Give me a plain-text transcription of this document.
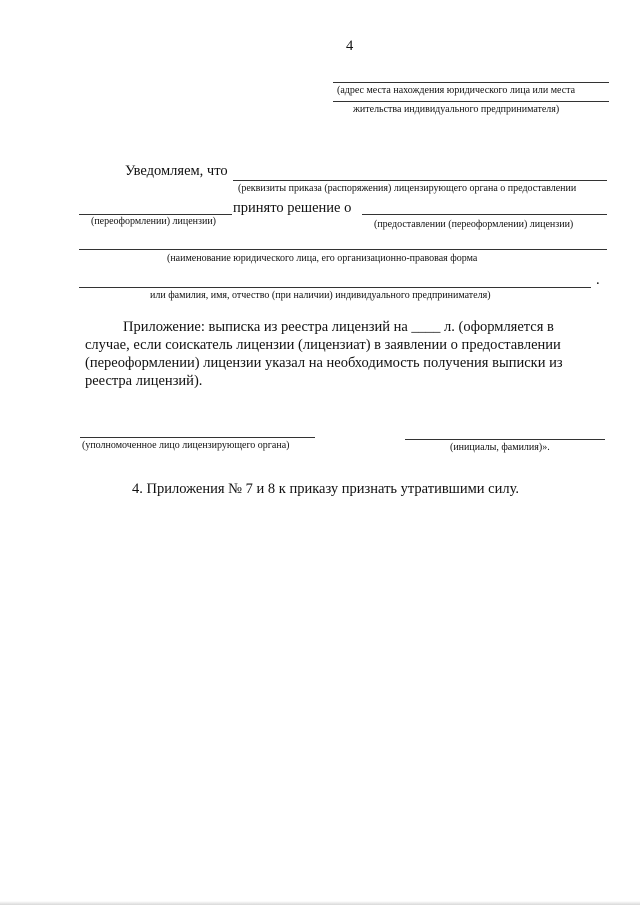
4
(адрес места нахождения юридического лица или места
жительства индивидуального предпринимателя)
Уведомляем, что
(реквизиты приказа (распоряжения) лицензирующего органа о предоставлении
принято решение о
(переоформлении) лицензии)	(предоставлении (переоформлении) лицензии)
(наименование юридического лица, его организационно-правовая форма
.
или фамилия, имя, отчество (при наличии) индивидуального предпринимателя)
Приложение: выписка из реестра лицензий на ____ л. (оформляется в
случае, если соискатель лицензии (лицензиат) в заявлении о предоставлении
(переоформлении) лицензии указал на необходимость получения выписки из
реестра лицензий).
(уполномоченное лицо лицензирующего органа)	(инициалы, фамилия)».
4. Приложения № 7 и 8 к приказу признать утратившими силу.
